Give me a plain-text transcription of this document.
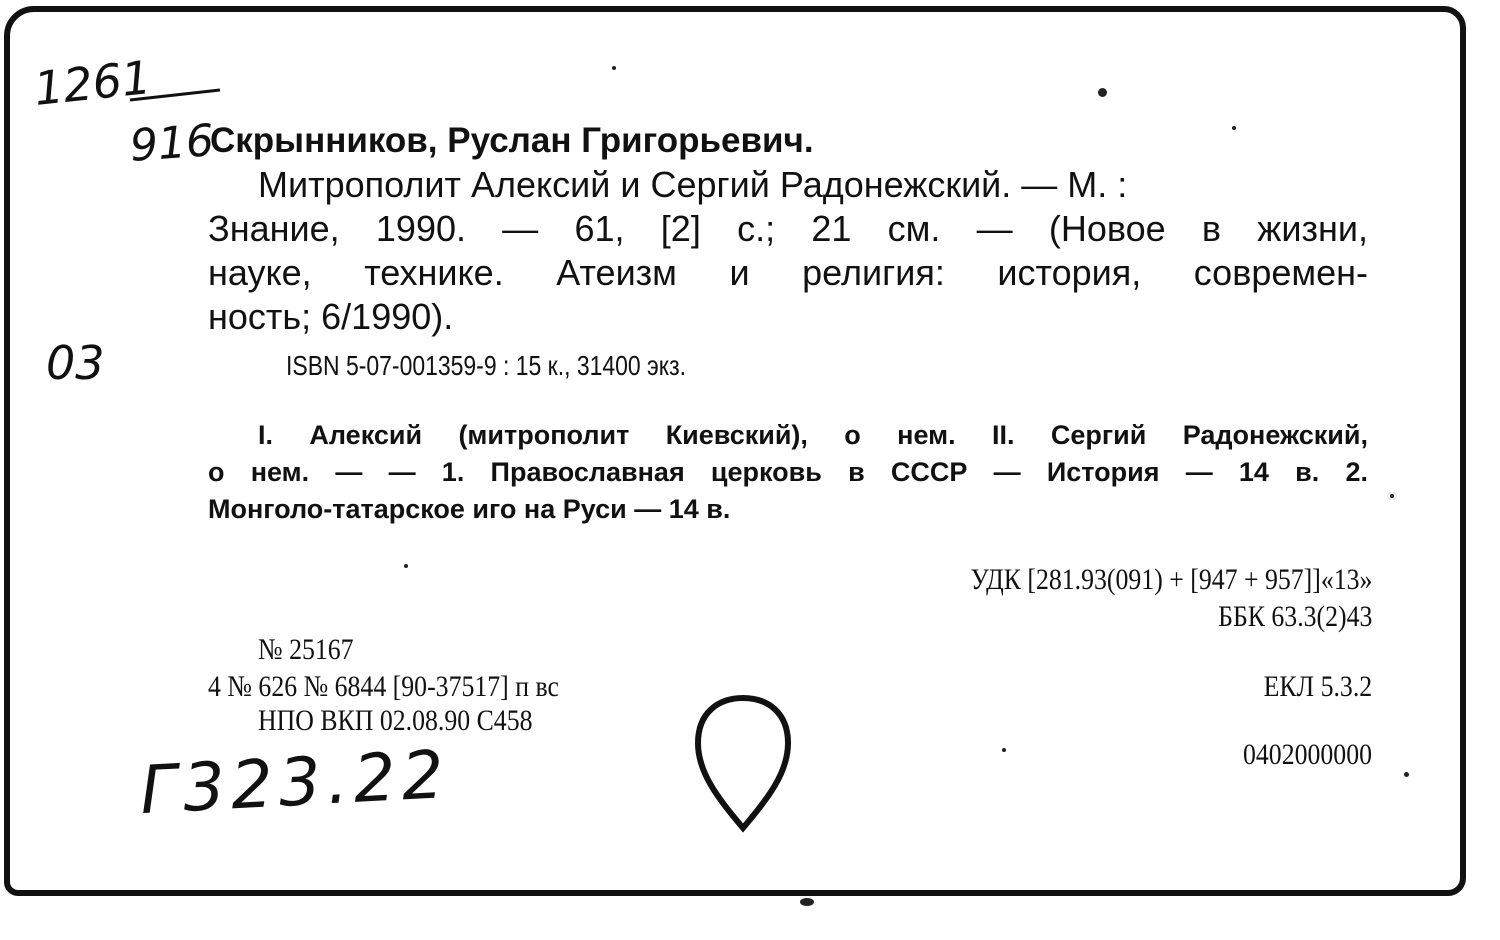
1261
916
Скрынников, Руслан Григорьевич.
Митрополит Алексий и Сергий Радонежский. — М. :
Знание, 1990. — 61, [2] с.; 21 см. — (Новое в жизни,
науке, технике. Атеизм и религия: история, современ-
ность; 6/1990).
03	ISBN 5-07-001359-9 : 15 к., 31400 экз.
I. Алексий (митрополит Киевский), о нем. II. Сергий Радонежский,
о нем. — — 1. Православная церковь в СССР — История — 14 в. 2.
Монголо-татарское иго на Руси — 14 в.
УДК [281.93(091) + [947 + 957]]«13»
ББК 63.3(2)43
ЕКЛ 5.3.2
0402000000
№ 25167
4 № 626 № 6844 [90-37517] п вс
НПО ВКП 02.08.90 С458
Г323.22
